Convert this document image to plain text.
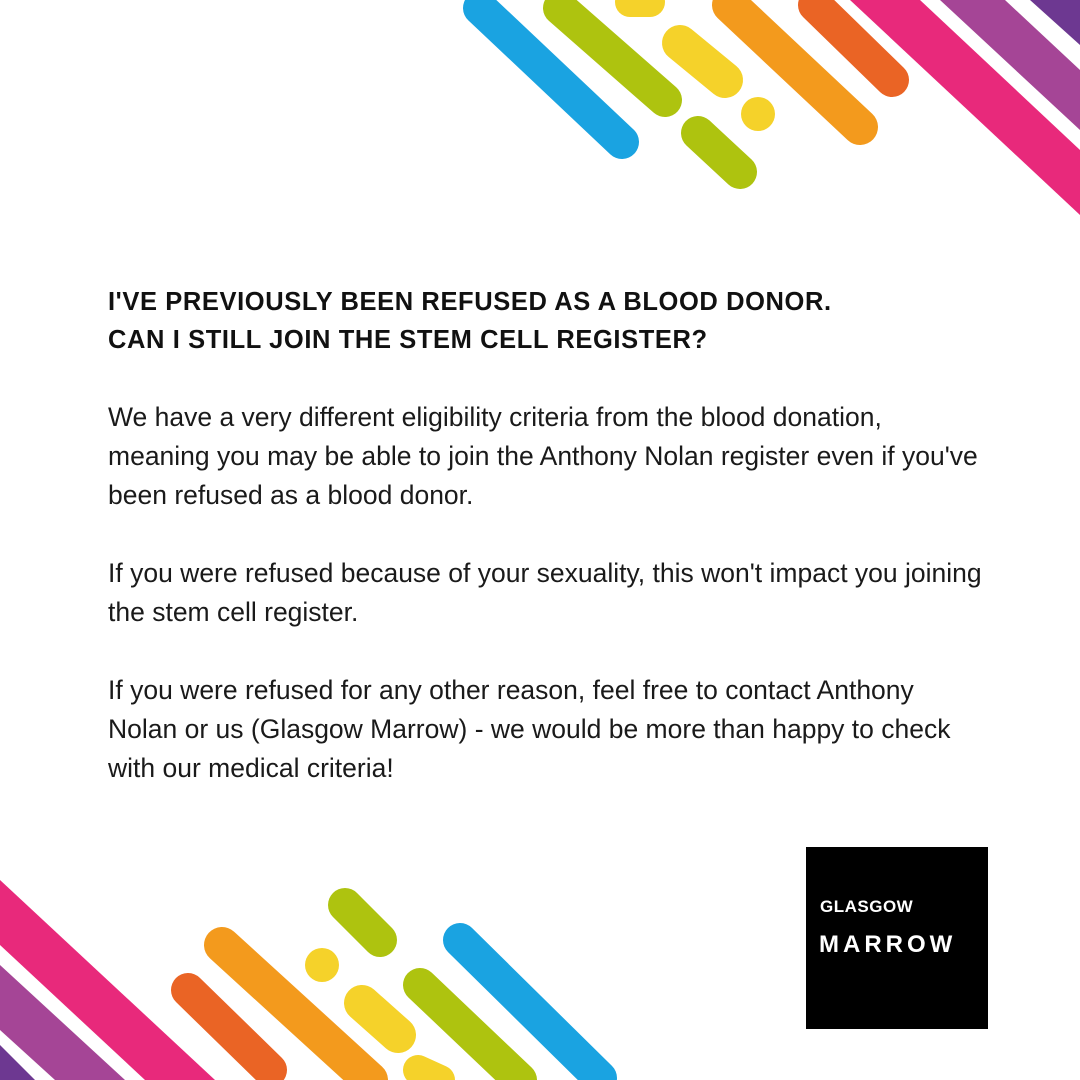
I'VE PREVIOUSLY BEEN REFUSED AS A BLOOD DONOR.
CAN I STILL JOIN THE STEM CELL REGISTER?

We have a very different eligibility criteria from the blood donation, meaning you may be able to join the Anthony Nolan register even if you've been refused as a blood donor.

If you were refused because of your sexuality, this won't impact you joining the stem cell register.

If you were refused for any other reason, feel free to contact Anthony Nolan or us (Glasgow Marrow) - we would be more than happy to check with our medical criteria!

GLASGOW
MARROW
